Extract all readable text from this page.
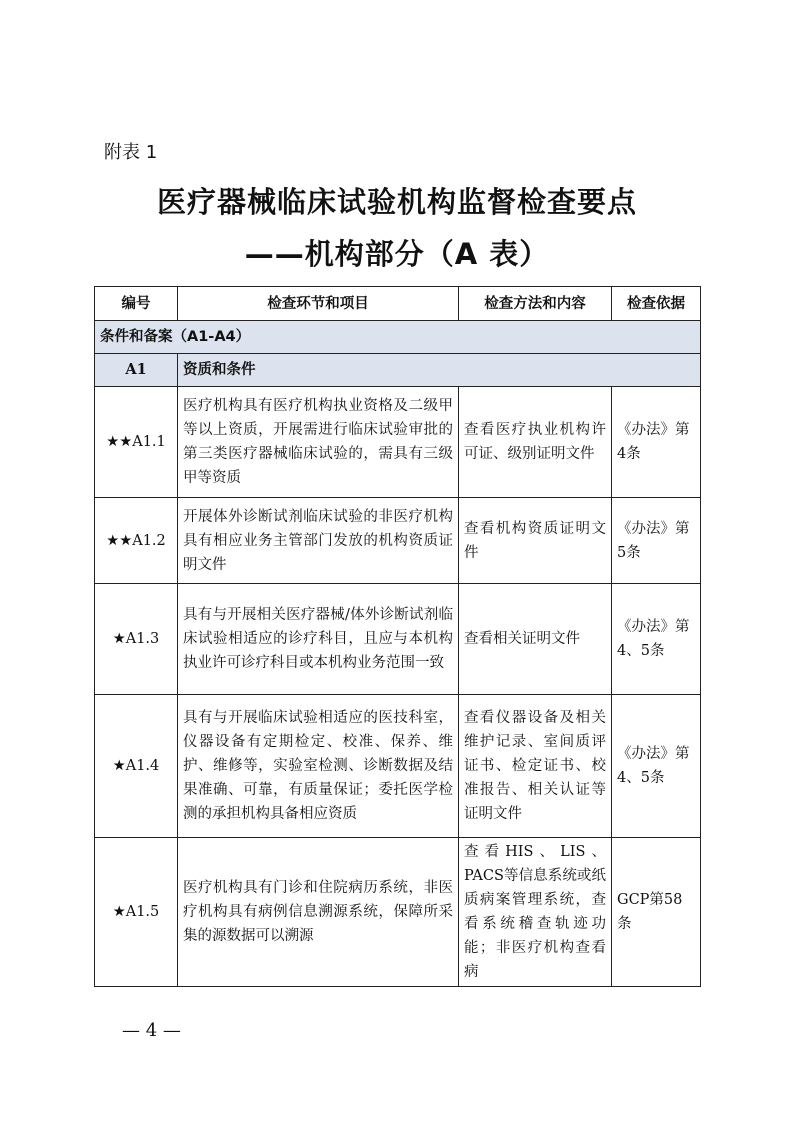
附表 1
医疗器械临床试验机构监督检查要点
——机构部分（A 表）
编号	检查环节和项目	检查方法和内容	检查依据
条件和备案（A1-A4）			
A1	资质和条件		
★★A1.1	医疗机构具有医疗机构执业资格及二级甲等以上资质，开展需进行临床试验审批的第三类医疗器械临床试验的，需具有三级甲等资质	查看医疗执业机构许可证、级别证明文件	《办法》第4条
★★A1.2	开展体外诊断试剂临床试验的非医疗机构具有相应业务主管部门发放的机构资质证明文件	查看机构资质证明文件	《办法》第5条
★A1.3	具有与开展相关医疗器械/体外诊断试剂临床试验相适应的诊疗科目，且应与本机构执业许可诊疗科目或本机构业务范围一致	查看相关证明文件	《办法》第4、5条
★A1.4	具有与开展临床试验相适应的医技科室，仪器设备有定期检定、校准、保养、维护、维修等，实验室检测、诊断数据及结果准确、可靠，有质量保证；委托医学检测的承担机构具备相应资质	查看仪器设备及相关维护记录、室间质评证书、检定证书、校准报告、相关认证等证明文件	《办法》第4、5条
★A1.5	医疗机构具有门诊和住院病历系统，非医疗机构具有病例信息溯源系统，保障所采集的源数据可以溯源	查看HIS、LIS、PACS等信息系统或纸质病案管理系统，查看系统稽查轨迹功能；非医疗机构查看病	GCP第58条
— 4 —
